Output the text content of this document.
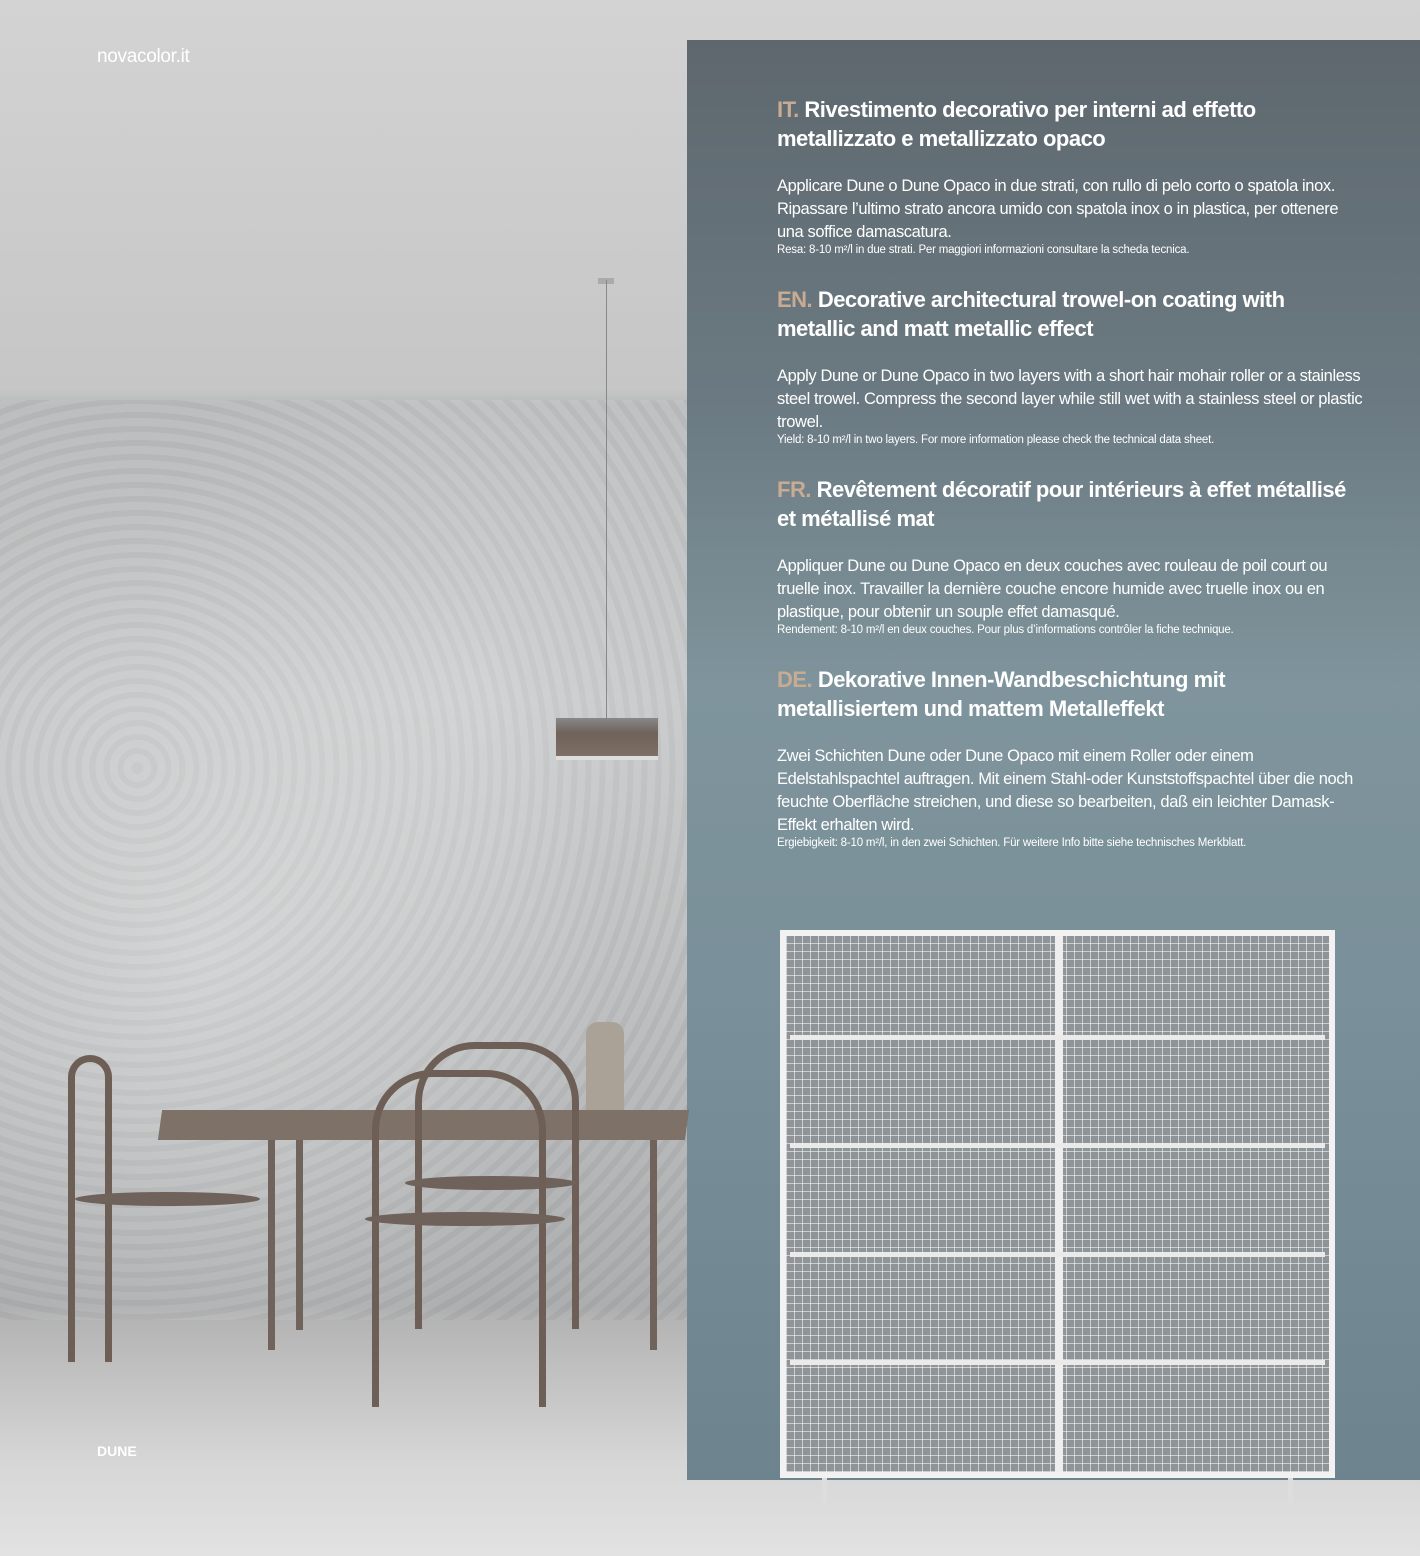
novacolor.it
DUNE
IT. Rivestimento decorativo per interni ad effetto metallizzato e metallizzato opaco

Applicare Dune o Dune Opaco in due strati, con rullo di pelo corto o spatola inox. Ripassare l’ultimo strato ancora umido con spatola inox o in plastica, per ottenere una soffice damascatura.

Resa: 8-10 m²/l in due strati. Per maggiori informazioni consultare la scheda tecnica.

EN. Decorative architectural trowel-on coating with metallic and matt metallic effect

Apply Dune or Dune Opaco in two layers with a short hair mohair roller or a stainless steel trowel. Compress the second layer while still wet with a stainless steel or plastic trowel.

Yield: 8-10 m²/l in two layers. For more information please check the technical data sheet.

FR. Revêtement décoratif pour intérieurs à effet métallisé et métallisé mat

Appliquer Dune ou Dune Opaco en deux couches avec rouleau de poil court ou truelle inox. Travailler la dernière couche encore humide avec truelle inox ou en plastique, pour obtenir un souple effet damasqué.

Rendement: 8-10 m²/l en deux couches. Pour plus d’informations contrôler la fiche technique.

DE. Dekorative Innen-Wandbeschichtung mit metallisiertem und mattem Metalleffekt

Zwei Schichten Dune oder Dune Opaco mit einem Roller oder einem Edelstahlspachtel auftragen. Mit einem Stahl-oder Kunststoffspachtel über die noch feuchte Oberfläche streichen, und diese so bearbeiten, daß ein leichter Damask-Effekt erhalten wird.

Ergiebigkeit: 8-10 m²/l, in den zwei Schichten. Für weitere Info bitte siehe technisches Merkblatt.
